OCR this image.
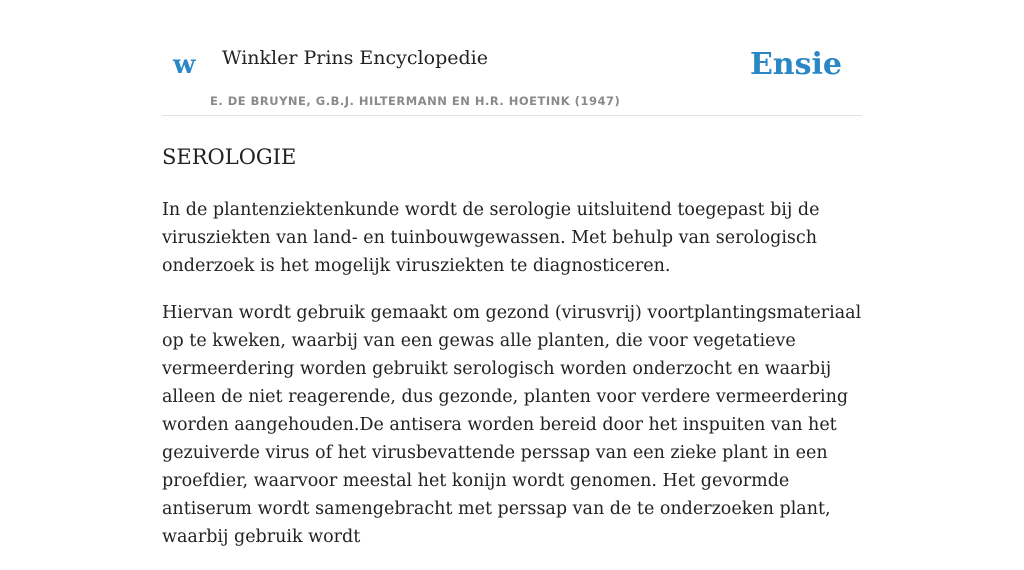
w Winkler Prins Encyclopedie
E. DE BRUYNE, G.B.J. HILTERMANN EN H.R. HOETINK (1947)
Ensie
SEROLOGIE

In de plantenziektenkunde wordt de serologie uitsluitend toegepast bij de virusziekten van land- en tuinbouwgewassen. Met behulp van serologisch onderzoek is het mogelijk virusziekten te diagnosticeren.

Hiervan wordt gebruik gemaakt om gezond (virusvrij) voortplantingsmateriaal op te kweken, waarbij van een gewas alle planten, die voor vegetatieve vermeerdering worden gebruikt serologisch worden onderzocht en waarbij alleen de niet reagerende, dus gezonde, planten voor verdere vermeerdering worden aangehouden.De antisera worden bereid door het inspuiten van het gezuiverde virus of het virusbevattende perssap van een zieke plant in een proefdier, waarvoor meestal het konijn wordt genomen. Het gevormde antiserum wordt samengebracht met perssap van de te onderzoeken plant, waarbij gebruik wordt
